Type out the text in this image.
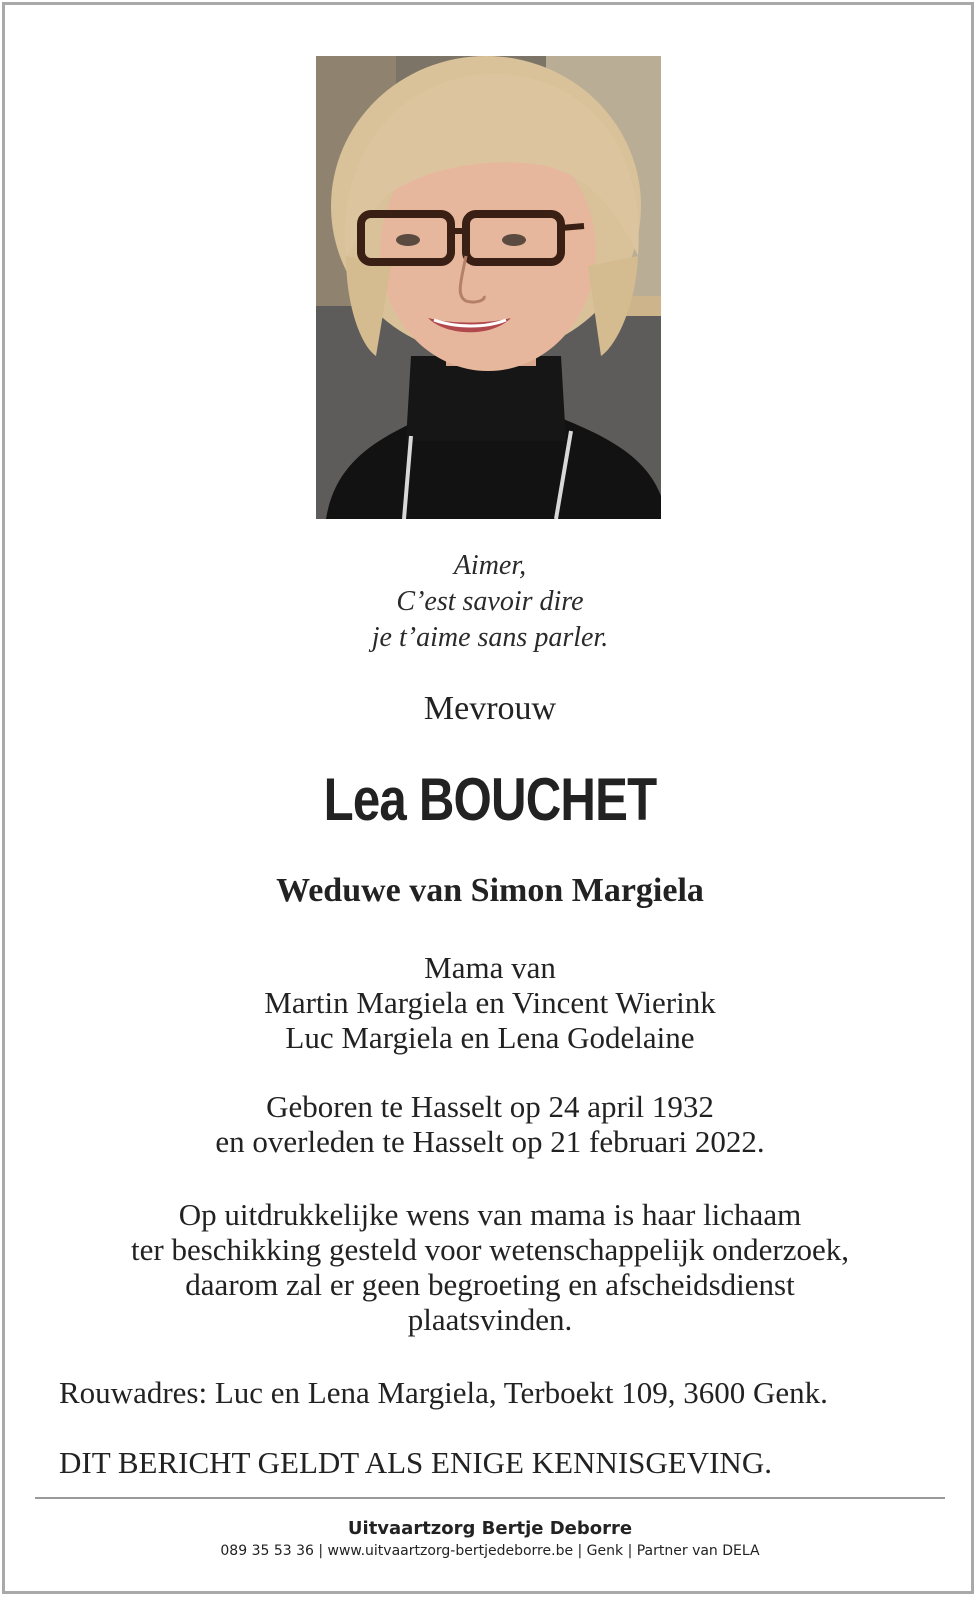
Aimer,
C’est savoir dire
je t’aime sans parler.
Mevrouw
Lea BOUCHET
Weduwe van Simon Margiela
Mama van
Martin Margiela en Vincent Wierink
Luc Margiela en Lena Godelaine
Geboren te Hasselt op 24 april 1932
en overleden te Hasselt op 21 februari 2022.
Op uitdrukkelijke wens van mama is haar lichaam
ter beschikking gesteld voor wetenschappelijk onderzoek,
daarom zal er geen begroeting en afscheidsdienst
plaatsvinden.
Rouwadres: Luc en Lena Margiela, Terboekt 109, 3600 Genk.
DIT BERICHT GELDT ALS ENIGE KENNISGEVING.
Uitvaartzorg Bertje Deborre
089 35 53 36 | www.uitvaartzorg-bertjedeborre.be | Genk | Partner van DELA
